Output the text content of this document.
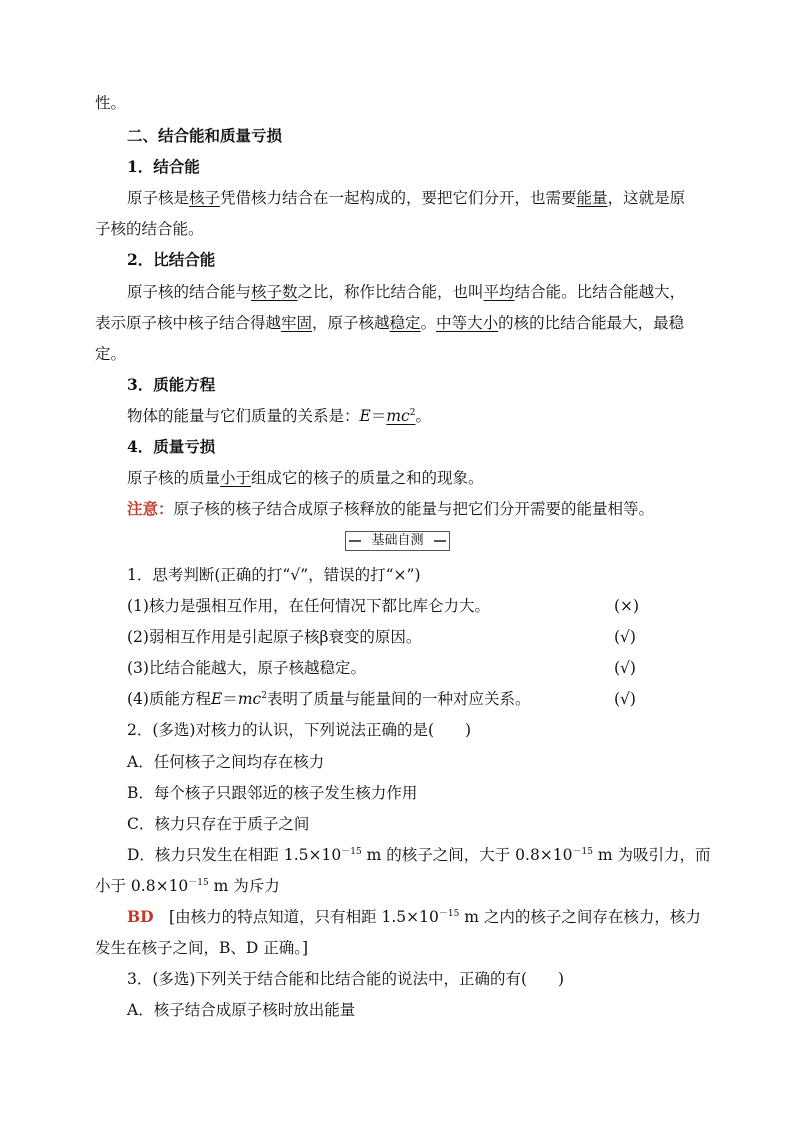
性。
二、结合能和质量亏损
1．结合能
原子核是核子凭借核力结合在一起构成的，要把它们分开，也需要能量，这就是原
子核的结合能。
2．比结合能
原子核的结合能与核子数之比，称作比结合能，也叫平均结合能。比结合能越大，
表示原子核中核子结合得越牢固，原子核越稳定。中等大小的核的比结合能最大，最稳
定。
3．质能方程
物体的能量与它们质量的关系是：$E=mc^2$。
4．质量亏损
原子核的质量小于组成它的核子的质量之和的现象。
注意：原子核的核子结合成原子核释放的能量与把它们分开需要的能量相等。
基础自测
1．思考判断(正确的打“√”，错误的打“×”)
(1)核力是强相互作用，在任何情况下都比库仑力大。	(×)
(2)弱相互作用是引起原子核β衰变的原因。	(√)
(3)比结合能越大，原子核越稳定。	(√)
(4)质能方程$E=mc^2$表明了质量与能量间的一种对应关系。	(√)
2．(多选)对核力的认识，下列说法正确的是(　　)
A．任何核子之间均存在核力
B．每个核子只跟邻近的核子发生核力作用
C．核力只存在于质子之间
D．核力只发生在相距 $1.5\times 10^{-15}$ m 的核子之间，大于 $0.8\times 10^{-15}$ m 为吸引力，而
小于 $0.8\times 10^{-15}$ m 为斥力
BD　[由核力的特点知道，只有相距 $1.5\times 10^{-15}$ m 之内的核子之间存在核力，核力
发生在核子之间，B、D 正确。]
3．(多选)下列关于结合能和比结合能的说法中，正确的有(　　)
A．核子结合成原子核时放出能量
